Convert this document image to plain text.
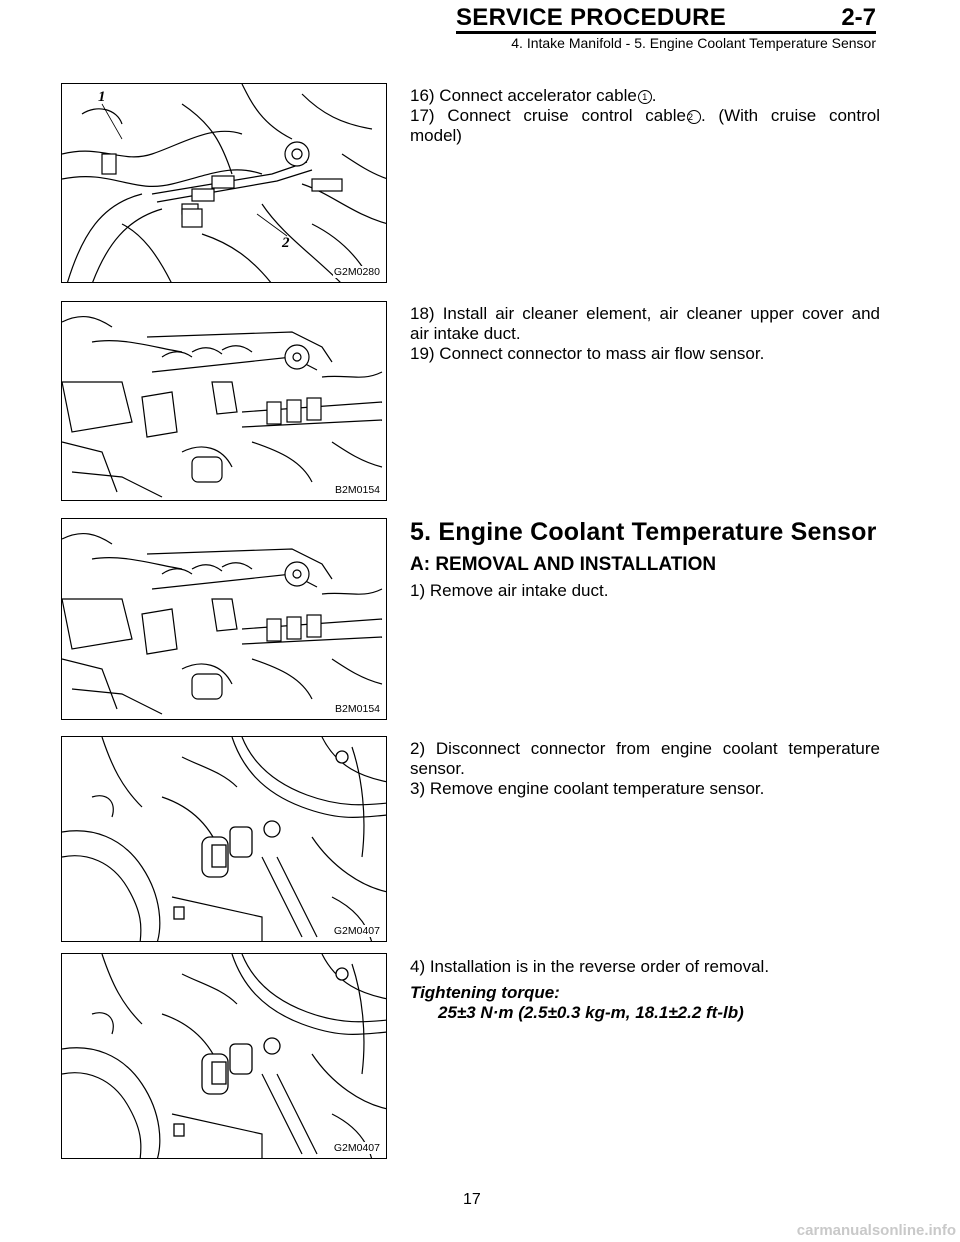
SERVICE PROCEDURE	2-7
4. Intake Manifold - 5. Engine Coolant Temperature Sensor
1
2
G2M0280
B2M0154
B2M0154
G2M0407
G2M0407

16) Connect accelerator cable 1 .

17) Connect cruise control cable 2 . (With cruise control

model)

18) Install air cleaner element, air cleaner upper cover and

air intake duct.

19) Connect connector to mass air flow sensor.

5. Engine Coolant Temperature Sensor

A: REMOVAL AND INSTALLATION

1) Remove air intake duct.

2) Disconnect connector from engine coolant temperature

sensor.

3) Remove engine coolant temperature sensor.

4) Installation is in the reverse order of removal.

Tightening torque:

25±3 N·m (2.5±0.3 kg-m, 18.1±2.2 ft-lb)

17
carmanualsonline.info
